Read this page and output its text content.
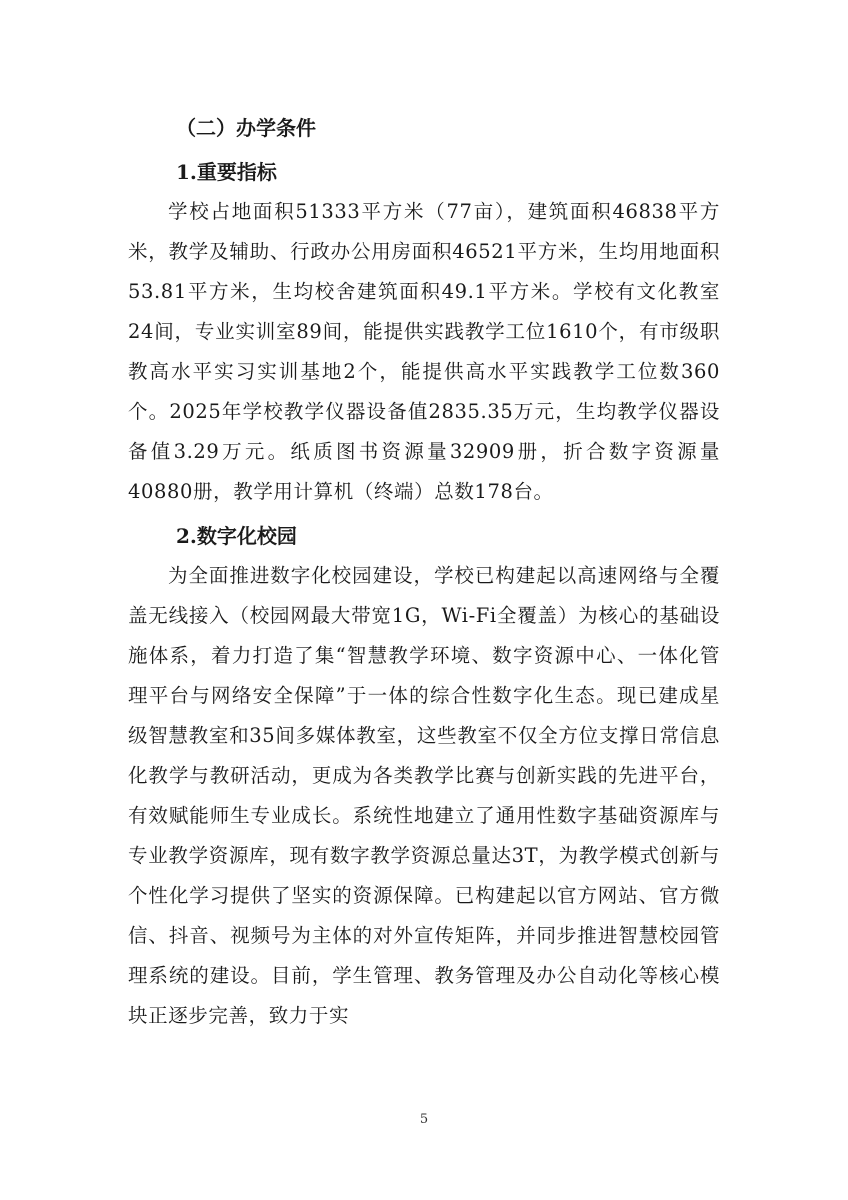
（二）办学条件
1.重要指标

学校占地面积51333平方米（77亩），建筑面积46838平方米，教学及辅助、行政办公用房面积46521平方米，生均用地面积53.81平方米，生均校舍建筑面积49.1平方米。学校有文化教室24间，专业实训室89间，能提供实践教学工位1610个，有市级职教高水平实习实训基地2个，能提供高水平实践教学工位数360个。2025年学校教学仪器设备值2835.35万元，生均教学仪器设备值3.29万元。纸质图书资源量32909册，折合数字资源量40880册，教学用计算机（终端）总数178台。

2.数字化校园

为全面推进数字化校园建设，学校已构建起以高速网络与全覆盖无线接入（校园网最大带宽1G，Wi-Fi全覆盖）为核心的基础设施体系，着力打造了集“智慧教学环境、数字资源中心、一体化管理平台与网络安全保障”于一体的综合性数字化生态。现已建成星级智慧教室和35间多媒体教室，这些教室不仅全方位支撑日常信息化教学与教研活动，更成为各类教学比赛与创新实践的先进平台，有效赋能师生专业成长。系统性地建立了通用性数字基础资源库与专业教学资源库，现有数字教学资源总量达3T，为教学模式创新与个性化学习提供了坚实的资源保障。已构建起以官方网站、官方微信、抖音、视频号为主体的对外宣传矩阵，并同步推进智慧校园管理系统的建设。目前，学生管理、教务管理及办公自动化等核心模块正逐步完善，致力于实

5
